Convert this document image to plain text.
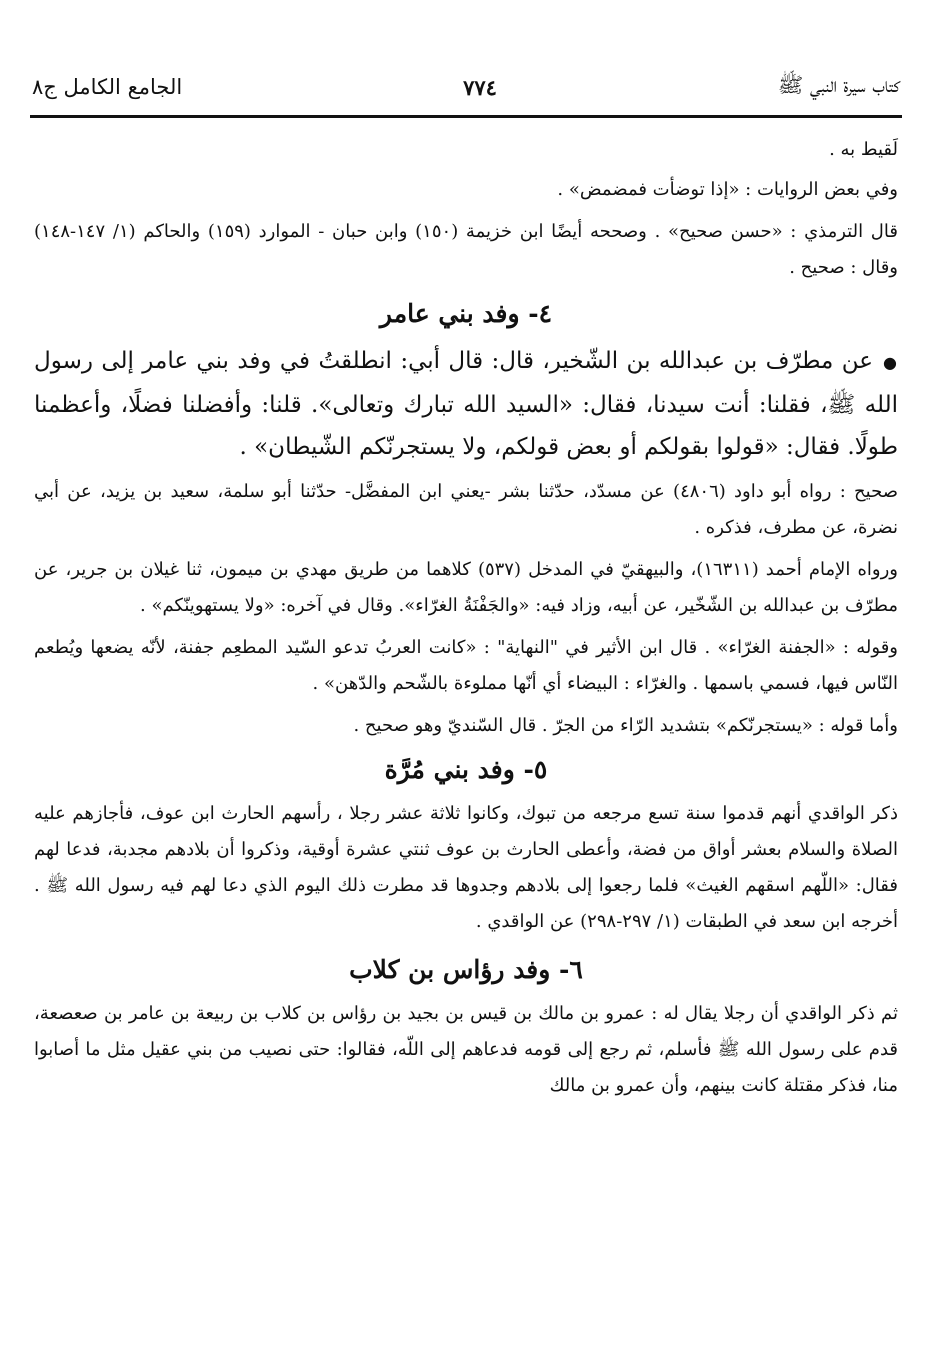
كتاب سيرة النبي ﷺ
٧٧٤
الجامع الكامل ج٨

لَقيط به .

وفي بعض الروايات : «إذا توضأت فمضمض» .

قال الترمذي : «حسن صحيح» . وصححه أيضًا ابن خزيمة (١٥٠) وابن حبان - الموارد (١٥٩) والحاكم (١/ ١٤٧-١٤٨) وقال : صحيح .

٤- وفد بني عامر

●عن مطرّف بن عبدالله بن الشّخير، قال: قال أبي: انطلقتُ في وفد بني عامر إلى رسول الله ﷺ، فقلنا: أنت سيدنا، فقال: «السيد الله تبارك وتعالى». قلنا: وأفضلنا فضلًا، وأعظمنا طولًا. فقال: «قولوا بقولكم أو بعض قولكم، ولا يستجرنّكم الشّيطان» .

صحيح : رواه أبو داود (٤٨٠٦) عن مسدّد، حدّثنا بشر -يعني ابن المفضَّل- حدّثنا أبو سلمة، سعيد بن يزيد، عن أبي نضرة، عن مطرف، فذكره .

ورواه الإمام أحمد (١٦٣١١)، والبيهقيّ في المدخل (٥٣٧) كلاهما من طريق مهدي بن ميمون، ثنا غيلان بن جرير، عن مطرّف بن عبدالله بن الشّخّير، عن أبيه، وزاد فيه: «والجَفْنَةُ الغرّاء». وقال في آخره: «ولا يستهوينّكم» .

وقوله : «الجفنة الغرّاء» . قال ابن الأثير في "النهاية" : «كانت العربُ تدعو السّيد المطعِم جفنة، لأنّه يضعها ويُطعم النّاس فيها، فسمي باسمها . والغرّاء : البيضاء أي أنّها مملوءة بالشّحم والدّهن» .

وأما قوله : «يستجرنّكم» بتشديد الرّاء من الجرّ . قال السّنديّ وهو صحيح .

٥- وفد بني مُرَّة

ذكر الواقدي أنهم قدموا سنة تسع مرجعه من تبوك، وكانوا ثلاثة عشر رجلا ، رأسهم الحارث ابن عوف، فأجازهم عليه الصلاة والسلام بعشر أواق من فضة، وأعطى الحارث بن عوف ثنتي عشرة أوقية، وذكروا أن بلادهم مجدبة، فدعا لهم فقال: «اللّهم اسقهم الغيث» فلما رجعوا إلى بلادهم وجدوها قد مطرت ذلك اليوم الذي دعا لهم فيه رسول الله ﷺ . أخرجه ابن سعد في الطبقات (١/ ٢٩٧-٢٩٨) عن الواقدي .

٦- وفد رؤاس بن كلاب

ثم ذكر الواقدي أن رجلا يقال له : عمرو بن مالك بن قيس بن بجيد بن رؤاس بن كلاب بن ربيعة بن عامر بن صعصعة، قدم على رسول الله ﷺ فأسلم، ثم رجع إلى قومه فدعاهم إلى اللّه، فقالوا: حتى نصيب من بني عقيل مثل ما أصابوا منا، فذكر مقتلة كانت بينهم، وأن عمرو بن مالك
